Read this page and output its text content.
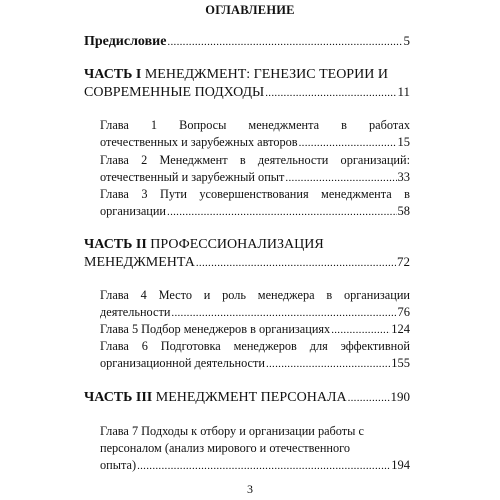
ОГЛАВЛЕНИЕ
Предисловие .....	5
ЧАСТЬ I МЕНЕДЖМЕНТ: ГЕНЕЗИС ТЕОРИИ И
СОВРЕМЕННЫЕ ПОДХОДЫ .....	11
Глава 1 Вопросы менеджмента в работах
отечественных и зарубежных авторов .....	15
Глава 2 Менеджмент в деятельности организаций:
отечественный и зарубежный опыт .....	33
Глава 3 Пути усовершенствования менеджмента в
организации .....	58
ЧАСТЬ II ПРОФЕССИОНАЛИЗАЦИЯ
МЕНЕДЖМЕНТА .....	72
Глава 4 Место и роль менеджера в организации
деятельности .....	76
Глава 5 Подбор менеджеров в организациях .....	124
Глава 6 Подготовка менеджеров для эффективной
организационной деятельности .....	155
ЧАСТЬ III МЕНЕДЖМЕНТ ПЕРСОНАЛА .....	190
Глава 7 Подходы к отбору и организации работы с
персоналом (анализ мирового и отечественного
опыта) .....	194
3
